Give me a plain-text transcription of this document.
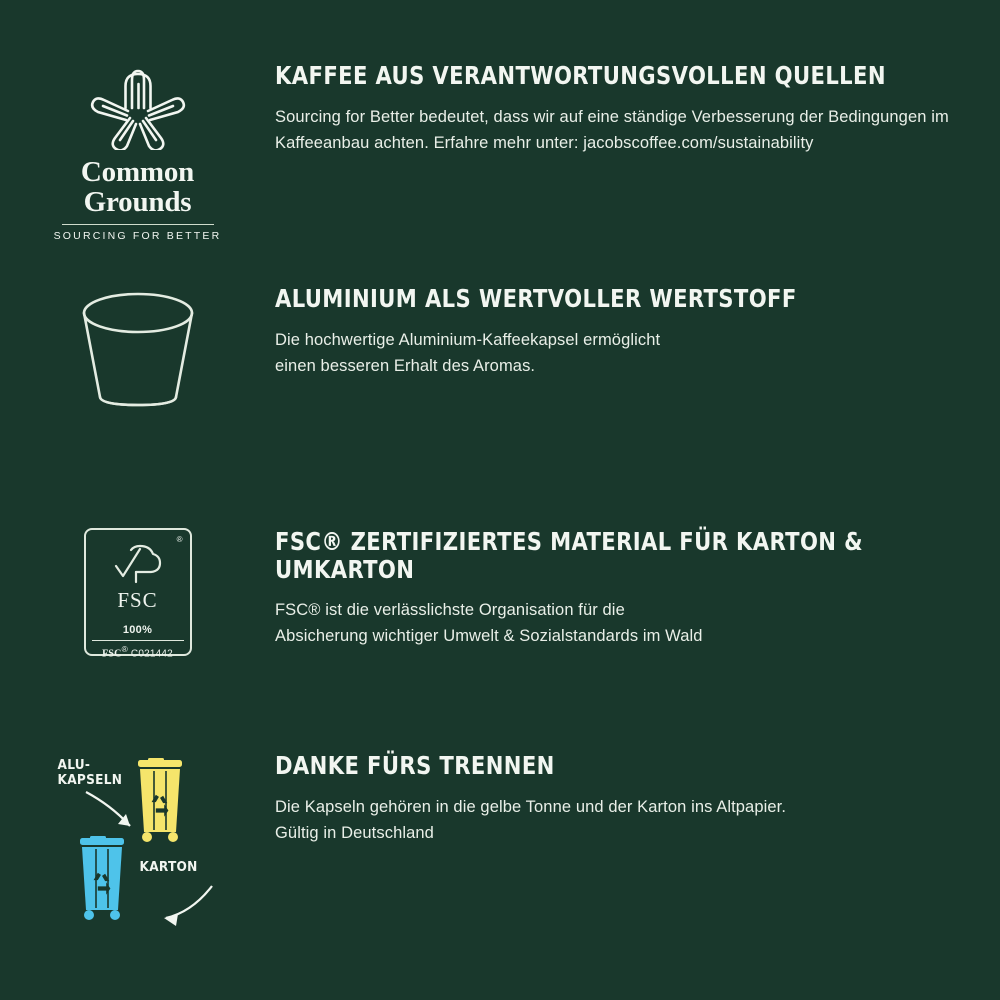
Common
Grounds
SOURCING FOR BETTER
KAFFEE AUS VERANTWORTUNGSVOLLEN QUELLEN

Sourcing for Better bedeutet, dass wir auf eine ständige Verbesserung der Bedingungen im Kaffeeanbau achten. Erfahre mehr unter: jacobscoffee.com/sustainability

ALUMINIUM ALS WERTVOLLER WERTSTOFF

Die hochwertige Aluminium-Kaffeekapsel ermöglicht

einen besseren Erhalt des Aromas.

®
FSC
100%
FSC® C021442
FSC® ZERTIFIZIERTES MATERIAL FÜR KARTON & UMKARTON

FSC® ist die verlässlichste Organisation für die

Absicherung wichtiger Umwelt & Sozialstandards im Wald

ALU-
KAPSELN
KARTON
DANKE FÜRS TRENNEN

Die Kapseln gehören in die gelbe Tonne und der Karton ins Altpapier.

Gültig in Deutschland
